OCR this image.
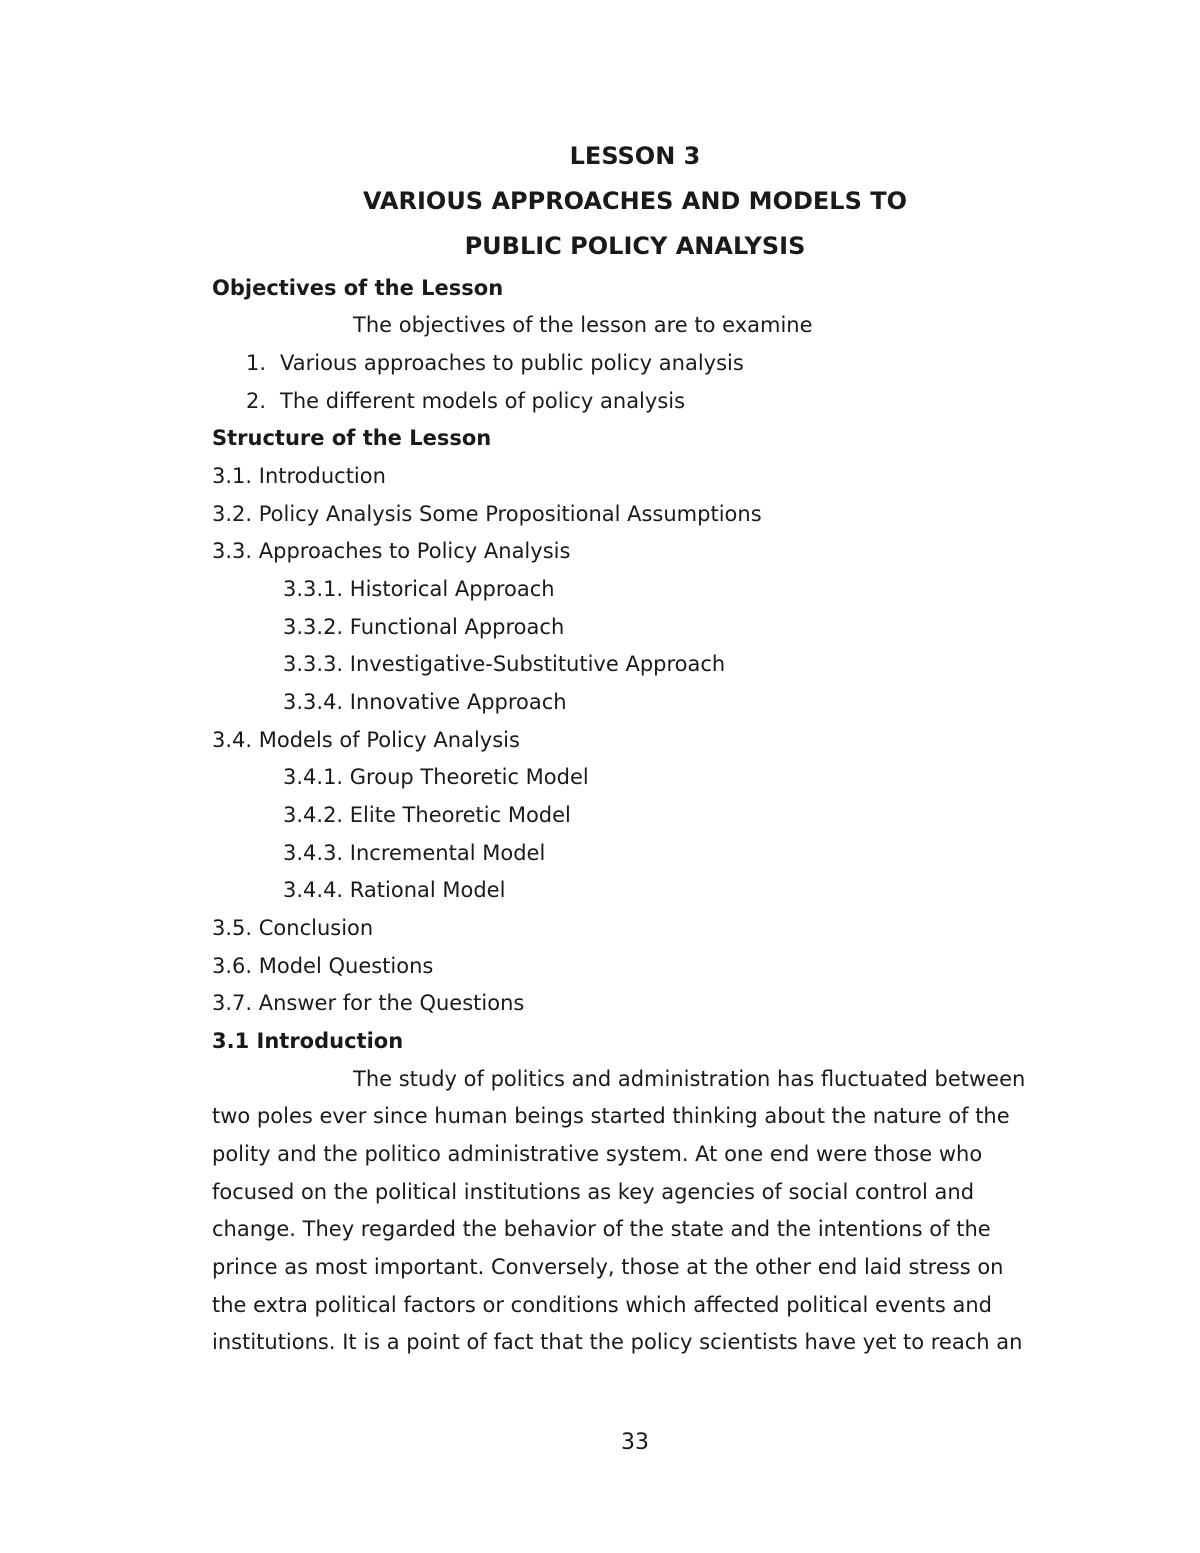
LESSON 3
VARIOUS APPROACHES AND MODELS TO
PUBLIC POLICY ANALYSIS
Objectives of the Lesson
The objectives of the lesson are to examine
1. Various approaches to public policy analysis
2. The different models of policy analysis
Structure of the Lesson
3.1. Introduction
3.2. Policy Analysis Some Propositional Assumptions
3.3. Approaches to Policy Analysis
3.3.1. Historical Approach
3.3.2. Functional Approach
3.3.3. Investigative-Substitutive Approach
3.3.4. Innovative Approach
3.4. Models of Policy Analysis
3.4.1. Group Theoretic Model
3.4.2. Elite Theoretic Model
3.4.3. Incremental Model
3.4.4. Rational Model
3.5. Conclusion
3.6. Model Questions
3.7. Answer for the Questions
3.1 Introduction
The study of politics and administration has fluctuated between
two poles ever since human beings started thinking about the nature of the
polity and the politico administrative system. At one end were those who
focused on the political institutions as key agencies of social control and
change. They regarded the behavior of the state and the intentions of the
prince as most important. Conversely, those at the other end laid stress on
the extra political factors or conditions which affected political events and
institutions. It is a point of fact that the policy scientists have yet to reach an
33
